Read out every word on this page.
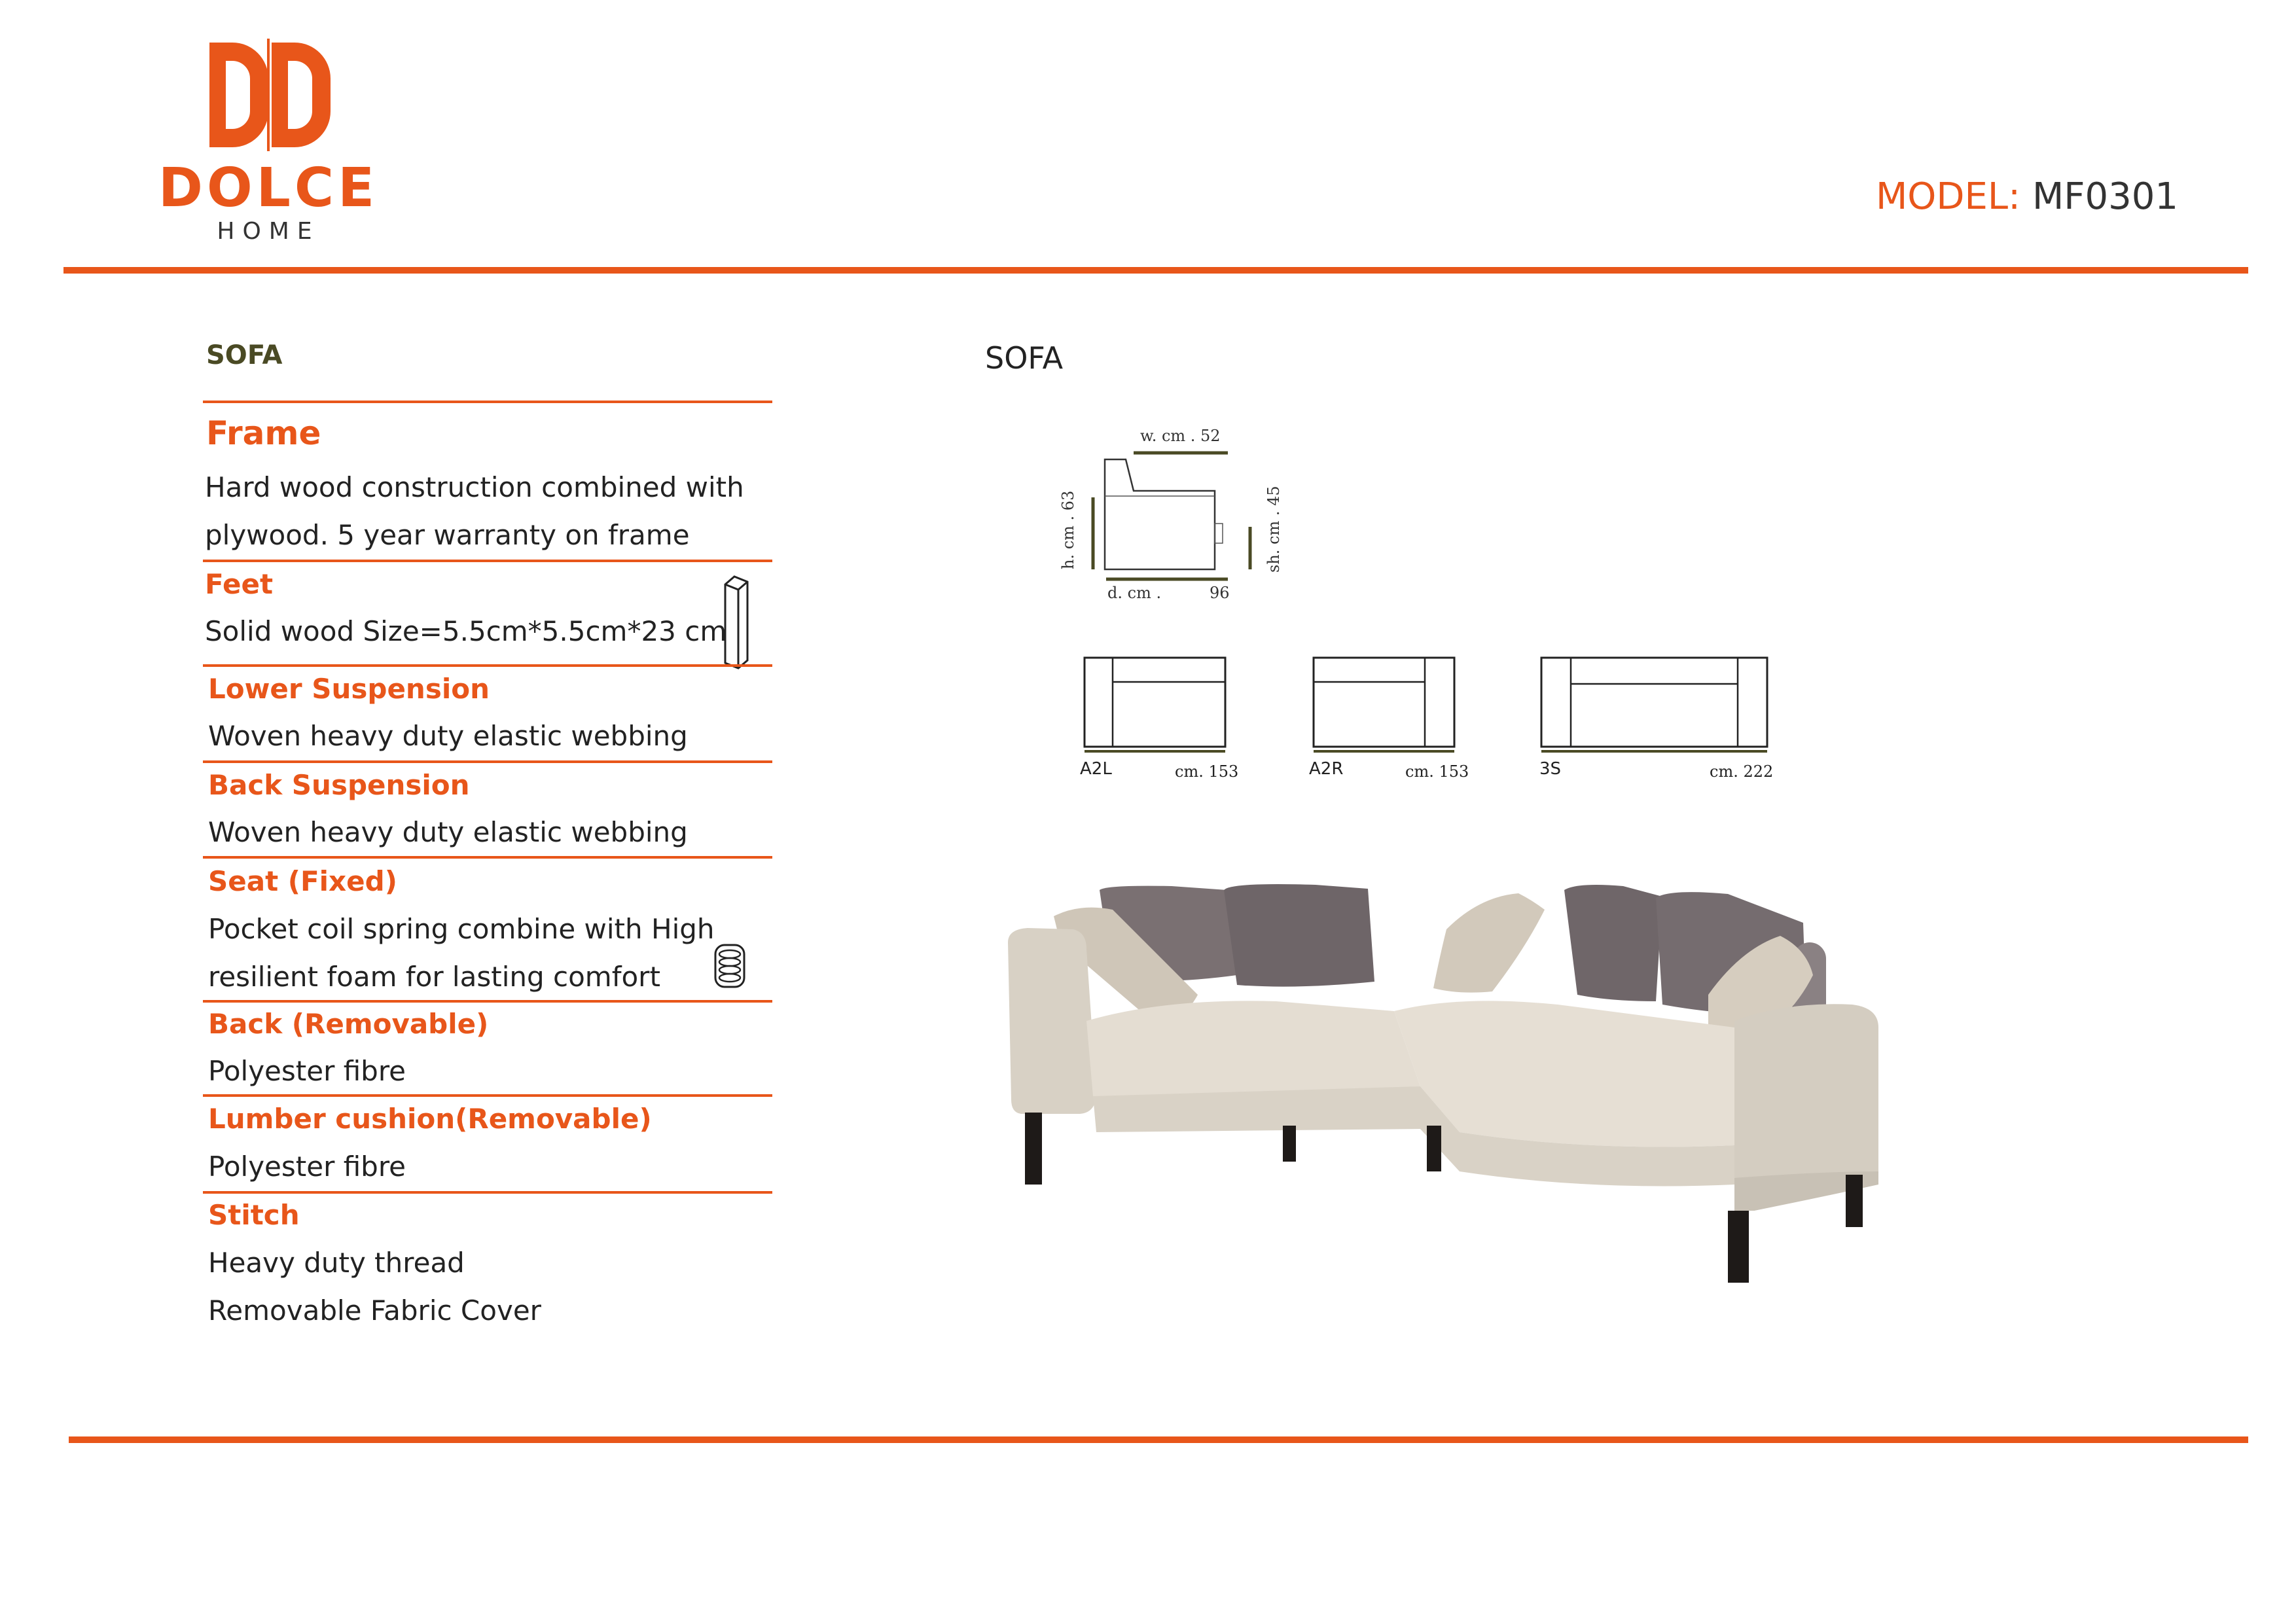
DOLCE
HOME
MODEL: MF0301
SOFA	SOFA
Frame
Hard wood construction combined with
plywood. 5 year warranty on frame
Feet
Solid wood Size=5.5cm*5.5cm*23 cm
Lower Suspension
Woven heavy duty elastic webbing
Back Suspension
Woven heavy duty elastic webbing
Seat (Fixed)
Pocket coil spring combine with High
resilient foam for lasting comfort
Back (Removable)
Polyester fibre
Lumber cushion(Removable)
Polyester fibre
Stitch
Heavy duty thread
Removable Fabric Cover
w. cm . 52
h. cm . 63	sh. cm . 45
d. cm .	96
A2L	cm. 153	A2R	cm. 153	3S	cm. 222
